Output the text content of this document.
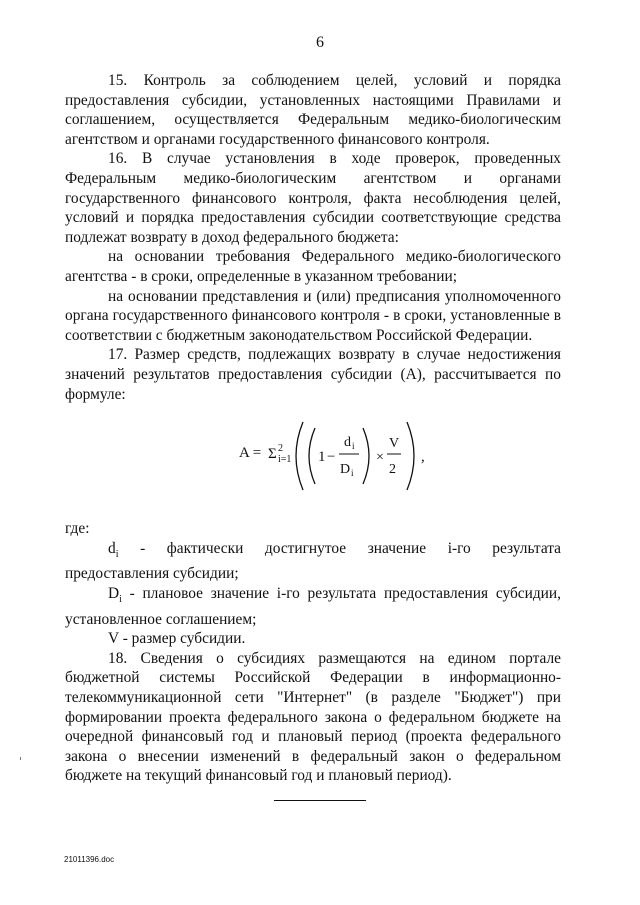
6

15. Контроль за соблюдением целей, условий и порядка предоставления субсидии, установленных настоящими Правилами и соглашением, осуществляется Федеральным медико-биологическим агентством и органами государственного финансового контроля.

16. В случае установления в ходе проверок, проведенных Федеральным медико-биологическим агентством и органами государственного финансового контроля, факта несоблюдения целей, условий и порядка предоставления субсидии соответствующие средства подлежат возврату в доход федерального бюджета:

на основании требования Федерального медико-биологического агентства - в сроки, определенные в указанном требовании;

на основании представления и (или) предписания уполномоченного органа государственного финансового контроля - в сроки, установленные в соответствии с бюджетным законодательством Российской Федерации.

17. Размер средств, подлежащих возврату в случае недостижения значений результатов предоставления субсидии (A), рассчитывается по формуле:

A = Σ 2
i=1 1 −
d i
D i
×
V
2
,

где:

$d_i$ - фактически достигнутое значение i-го результата предоставления субсидии;

$D_i$ - плановое значение i-го результата предоставления субсидии, установленное соглашением;

V - размер субсидии.

18. Сведения о субсидиях размещаются на едином портале бюджетной системы Российской Федерации в информационно-телекоммуникационной сети "Интернет" (в разделе "Бюджет") при формировании проекта федерального закона о федеральном бюджете на очередной финансовый год и плановый период (проекта федерального закона о внесении изменений в федеральный закон о федеральном бюджете на текущий финансовый год и плановый период).

21011396.doc
